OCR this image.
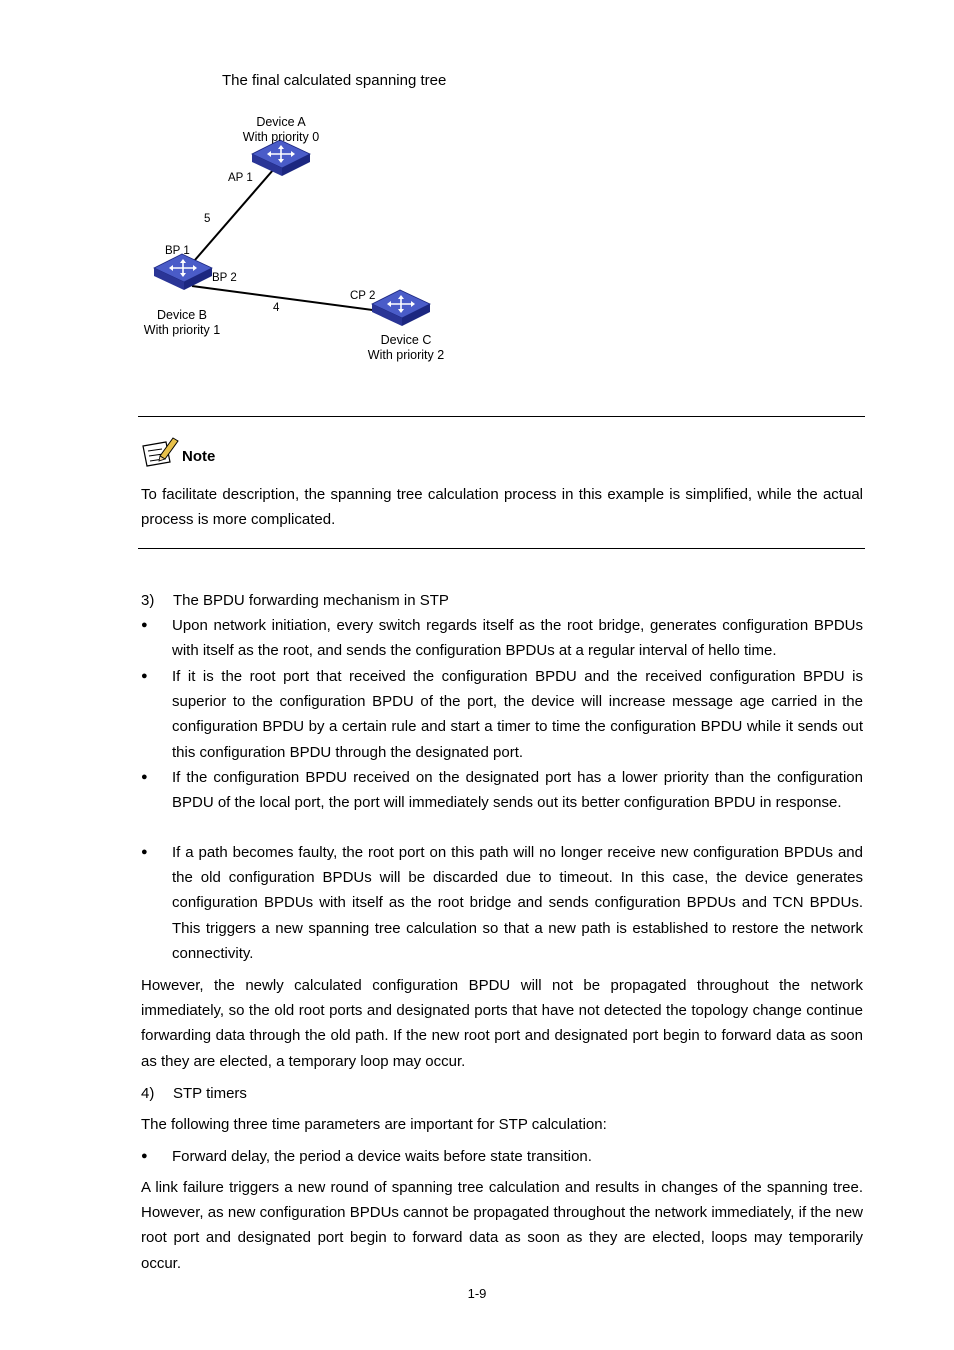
The final calculated spanning tree
Device A
With priority 0
AP 1
5
BP 1
BP 2
4
CP 2
Device B
With priority 1
Device C
With priority 2
Note
To facilitate description, the spanning tree calculation process in this example is simplified, while the actual process is more complicated.
3) The BPDU forwarding mechanism in STP
●	Upon network initiation, every switch regards itself as the root bridge, generates configuration BPDUs with itself as the root, and sends the configuration BPDUs at a regular interval of hello time.
●	If it is the root port that received the configuration BPDU and the received configuration BPDU is superior to the configuration BPDU of the port, the device will increase message age carried in the configuration BPDU by a certain rule and start a timer to time the configuration BPDU while it sends out this configuration BPDU through the designated port.
●	If the configuration BPDU received on the designated port has a lower priority than the configuration BPDU of the local port, the port will immediately sends out its better configuration BPDU in response.
●	If a path becomes faulty, the root port on this path will no longer receive new configuration BPDUs and the old configuration BPDUs will be discarded due to timeout. In this case, the device generates configuration BPDUs with itself as the root bridge and sends configuration BPDUs and TCN BPDUs. This triggers a new spanning tree calculation so that a new path is established to restore the network connectivity.
However, the newly calculated configuration BPDU will not be propagated throughout the network immediately, so the old root ports and designated ports that have not detected the topology change continue forwarding data through the old path. If the new root port and designated port begin to forward data as soon as they are elected, a temporary loop may occur.
4) STP timers
The following three time parameters are important for STP calculation:
●	Forward delay, the period a device waits before state transition.
A link failure triggers a new round of spanning tree calculation and results in changes of the spanning tree. However, as new configuration BPDUs cannot be propagated throughout the network immediately, if the new root port and designated port begin to forward data as soon as they are elected, loops may temporarily occur.
1-9
